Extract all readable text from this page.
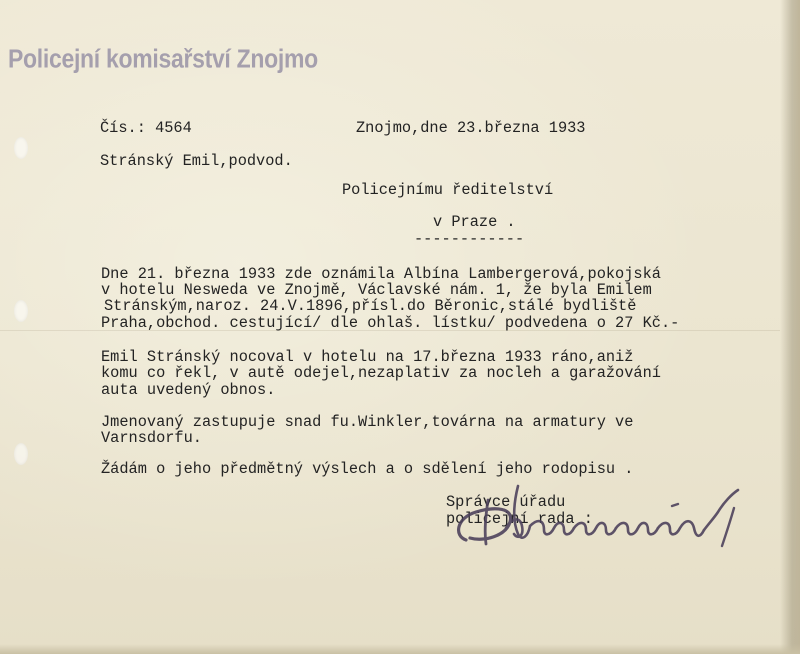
Policejní komisařství Znojmo
Čís.: 4564	Znojmo,dne 23.března 1933
Stránský Emil,podvod.
Policejnímu ředitelství
v Praze .
------------
Dne 21. března 1933 zde oznámila Albína Lambergerová,pokojská
v hotelu Nesweda ve Znojmě, Václavské nám. 1, že byla Emilem
Stránským,naroz. 24.V.1896,přísl.do Běronic,stálé bydliště
Praha,obchod. cestující/ dle ohlaš. lístku/ podvedena o 27 Kč.-
Emil Stránský nocoval v hotelu na 17.března 1933 ráno,aniž
komu co řekl, v autě odejel,nezaplativ za nocleh a garažování
auta uvedený obnos.
Jmenovaný zastupuje snad fu.Winkler,továrna na armatury ve
Varnsdorfu.
Žádám o jeho předmětný výslech a o sdělení jeho rodopisu .
Správce úřadu
policejní rada :
